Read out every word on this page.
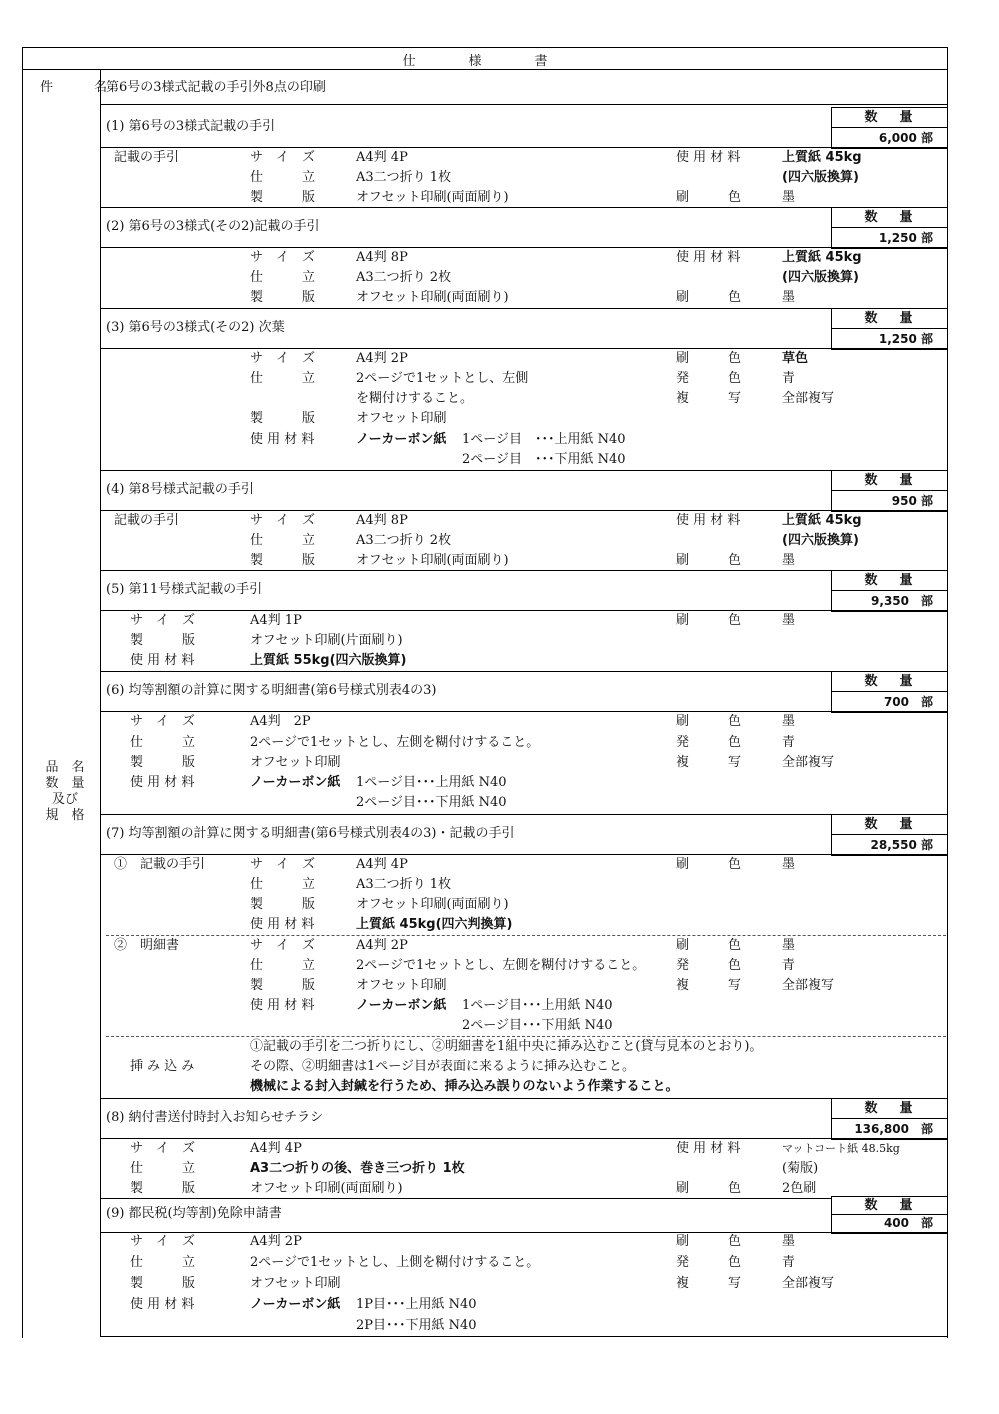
仕　様　書
件　名
第6号の3様式記載の手引外8点の印刷
品　名
数　量
及び
規　格
数量
6,000 部
(1) 第6号の3様式記載の手引
記載の手引	サ　イ　ズ	A4判 4P	使 用 材 料	上質紙 45kg
仕　　　立	A3二つ折り 1枚	(四六版換算)
製　　　版	オフセット印刷(両面刷り)	刷　　　色	墨
数量
1,250 部
(2) 第6号の3様式(その2)記載の手引
サ　イ　ズ	A4判 8P	使 用 材 料	上質紙 45kg
仕　　　立	A3二つ折り 2枚	(四六版換算)
製　　　版	オフセット印刷(両面刷り)	刷　　　色	墨
数量
1,250 部
(3) 第6号の3様式(その2) 次葉
サ　イ　ズ	A4判 2P	刷　　　色	草色
仕　　　立	2ページで1セットとし、左側	発　　　色	青
を糊付けすること。	複　　　写	全部複写
製　　　版	オフセット印刷
使 用 材 料	ノーカーボン紙 1ページ目　･･･上用紙 N40
2ページ目　･･･下用紙 N40
数量
950 部
(4) 第8号様式記載の手引
記載の手引	サ　イ　ズ	A4判 8P	使 用 材 料	上質紙 45kg
仕　　　立	A3二つ折り 2枚	(四六版換算)
製　　　版	オフセット印刷(両面刷り)	刷　　　色	墨
数量
9,350　部
(5) 第11号様式記載の手引
サ　イ　ズ	A4判 1P	刷　　　色	墨
製　　　版	オフセット印刷(片面刷り)
使 用 材 料	上質紙 55kg(四六版換算)
数量
700　部
(6) 均等割額の計算に関する明細書(第6号様式別表4の3)
サ　イ　ズ	A4判　2P	刷　　　色	墨
仕　　　立	2ページで1セットとし、左側を糊付けすること。	発　　　色	青
製　　　版	オフセット印刷	複　　　写	全部複写
使 用 材 料	ノーカーボン紙 1ページ目･･･上用紙 N40
2ページ目･･･下用紙 N40
数量
28,550 部
(7) 均等割額の計算に関する明細書(第6号様式別表4の3)・記載の手引
①　記載の手引	サ　イ　ズ	A4判 4P	刷　　　色	墨
仕　　　立	A3二つ折り 1枚
製　　　版	オフセット印刷(両面刷り)
使 用 材 料	上質紙 45kg(四六判換算)
②　明細書	サ　イ　ズ	A4判 2P	刷　　　色	墨
仕　　　立	2ページで1セットとし、左側を糊付けすること。 発　　　色	青
製　　　版	オフセット印刷	複　　　写	全部複写
使 用 材 料	ノーカーボン紙 1ページ目･･･上用紙 N40
2ページ目･･･下用紙 N40
①記載の手引を二つ折りにし、②明細書を1組中央に挿み込むこと(貸与見本のとおり)。
挿 み 込 み	その際、②明細書は1ページ目が表面に来るように挿み込むこと。
機械による封入封緘を行うため、挿み込み誤りのないよう作業すること。
数量
136,800　部
(8) 納付書送付時封入お知らせチラシ
サ　イ　ズ	A4判 4P	使 用 材 料	マットコート紙 48.5kg
仕　　　立	A3二つ折りの後、巻き三つ折り 1枚	(菊版)
製　　　版	オフセット印刷(両面刷り)	刷　　　色	2色刷
数量
400　部
(9) 都民税(均等割)免除申請書
サ　イ　ズ	A4判 2P	刷　　　色	墨
仕　　　立	2ページで1セットとし、上側を糊付けすること。	発　　　色	青
製　　　版	オフセット印刷	複　　　写	全部複写
使 用 材 料	ノーカーボン紙 1P目･･･上用紙 N40
2P目･･･下用紙 N40
